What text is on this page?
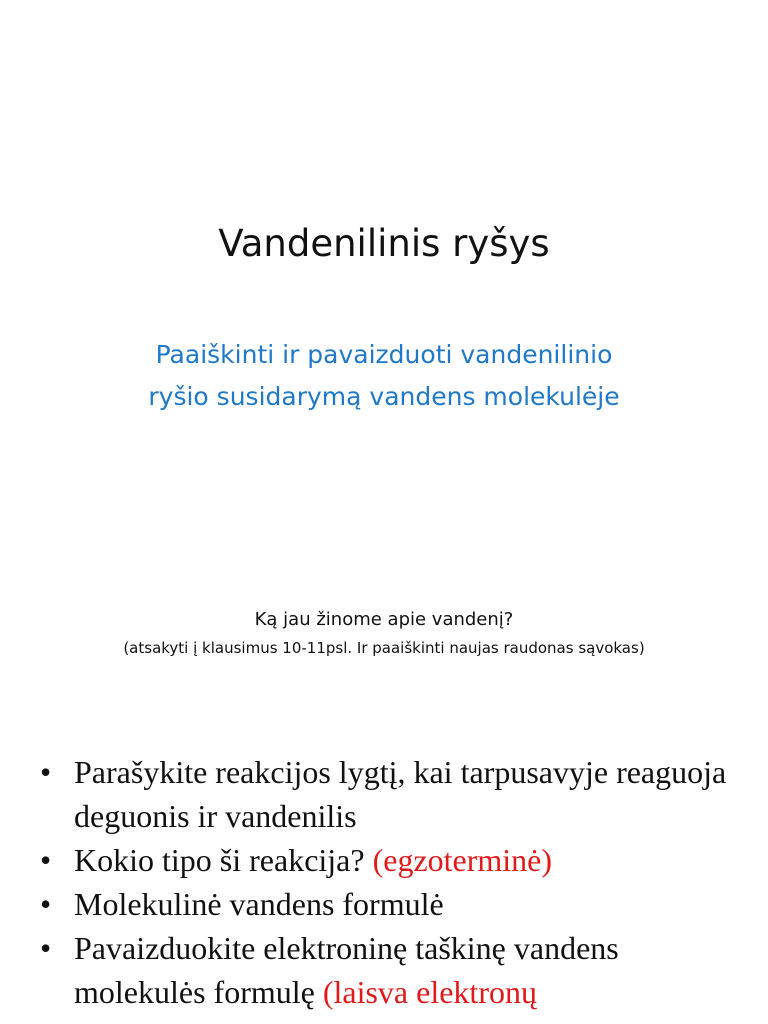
Vandenilinis ryšys
Paaiškinti ir pavaizduoti vandenilinio
ryšio susidarymą vandens molekulėje
Ką jau žinome apie vandenį?
(atsakyti į klausimus 10-11psl. Ir paaiškinti naujas raudonas sąvokas)
• Parašykite reakcijos lygtį, kai tarpusavyje reaguoja deguonis ir vandenilis
• Kokio tipo ši reakcija? (egzoterminė)
• Molekulinė vandens formulė
• Pavaizduokite elektroninę taškinę vandens molekulės formulę (laisva elektronų
